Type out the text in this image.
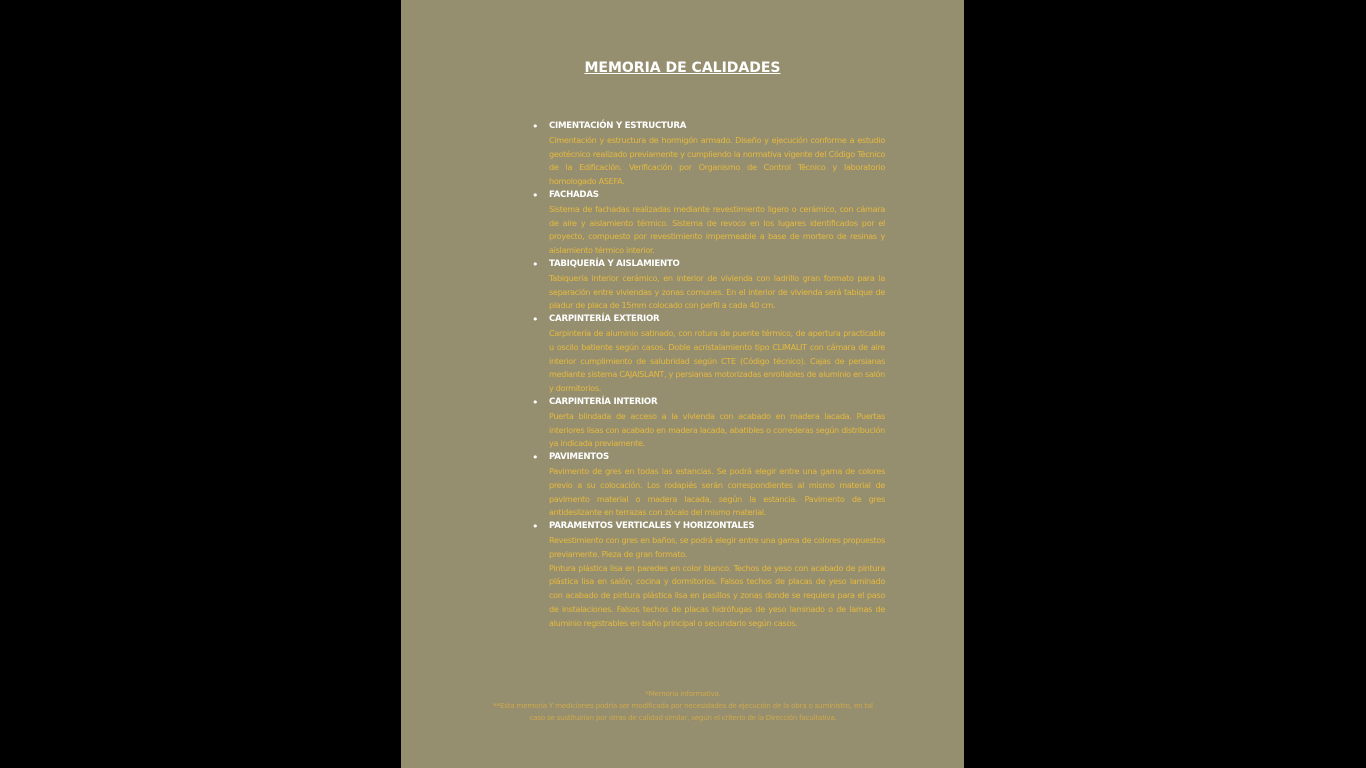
MEMORIA DE CALIDADES
• CIMENTACIÓN Y ESTRUCTURA
Cimentación y estructura de hormigón armado. Diseño y ejecución conforme a estudio geotécnico realizado previamente y cumpliendo la normativa vigente del Código Técnico de la Edificación. Verificación por Organismo de Control Técnico y laboratorio homologado ASEFA.
• FACHADAS
Sistema de fachadas realizadas mediante revestimiento ligero o cerámico, con cámara de aire y aislamiento térmico. Sistema de revoco en los lugares identificados por el proyecto, compuesto por revestimiento impermeable a base de mortero de resinas y aislamiento térmico interior.
• TABIQUERÍA Y AISLAMIENTO
Tabiquería interior cerámico, en interior de vivienda con ladrillo gran formato para la separación entre viviendas y zonas comunes. En el interior de vivienda será tabique de pladur de placa de 15mm colocado con perfil a cada 40 cm.
• CARPINTERÍA EXTERIOR
Carpintería de aluminio satinado, con rotura de puente térmico, de apertura practicable u oscilo batiente según casos. Doble acristalamiento tipo CLIMALIT con cámara de aire interior cumplimiento de salubridad según CTE (Código técnico). Cajas de persianas mediante sistema CAJAISLANT, y persianas motorizadas enrollables de aluminio en salón y dormitorios.
• CARPINTERÍA INTERIOR
Puerta blindada de acceso a la vivienda con acabado en madera lacada. Puertas interiores lisas con acabado en madera lacada, abatibles o correderas según distribución ya indicada previamente.
• PAVIMENTOS
Pavimento de gres en todas las estancias. Se podrá elegir entre una gama de colores previo a su colocación. Los rodapiés serán correspondientes al mismo material de pavimento material o madera lacada, según la estancia. Pavimento de gres antideslizante en terrazas con zócalo del mismo material.
• PARAMENTOS VERTICALES Y HORIZONTALES
Revestimiento con gres en baños, se podrá elegir entre una gama de colores propuestos previamente. Pieza de gran formato.
Pintura plástica lisa en paredes en color blanco. Techos de yeso con acabado de pintura plástica lisa en salón, cocina y dormitorios. Falsos techos de placas de yeso laminado con acabado de pintura plástica lisa en pasillos y zonas donde se requiera para el paso de instalaciones. Falsos techos de placas hidrófugas de yeso laminado o de lamas de aluminio registrables en baño principal o secundario según casos.
*Memoria informativa.
**Esta memoria Y mediciones podría ser modificada por necesidades de ejecución de la obra o suministro, en tal caso se sustituirían por otras de calidad similar, según el criterio de la Dirección facultativa.
